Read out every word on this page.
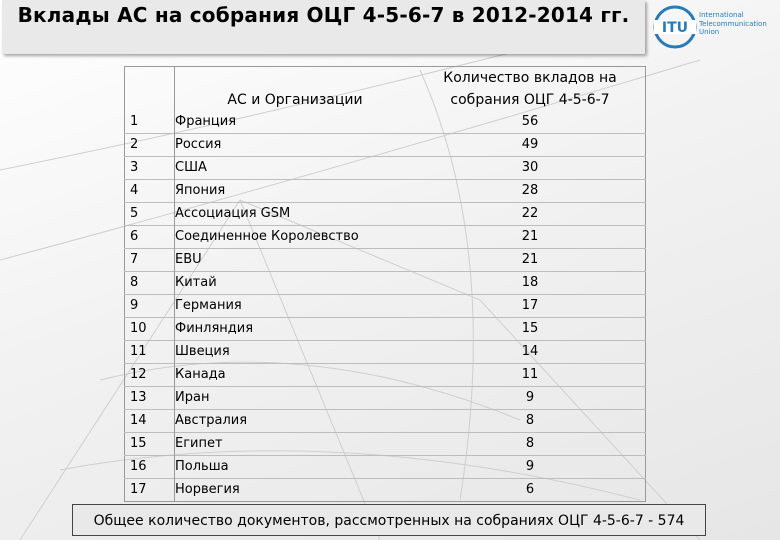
Вклады АС на собрания ОЦГ 4-5-6-7 в 2012-2014 гг.
ITU
International
Telecommunication
Union
	АС и Организации	Количество вкладов на собрания ОЦГ 4-5-6-7
1	Франция	56
2	Россия	49
3	США	30
4	Япония	28
5	Ассоциация GSM	22
6	Соединенное Королевство	21
7	EBU	21
8	Китай	18
9	Германия	17
10	Финляндия	15
11	Швеция	14
12	Канада	11
13	Иран	9
14	Австралия	8
15	Египет	8
16	Польша	9
17	Норвегия	6
Общее количество документов, рассмотренных на собраниях ОЦГ 4-5-6-7 - 574
